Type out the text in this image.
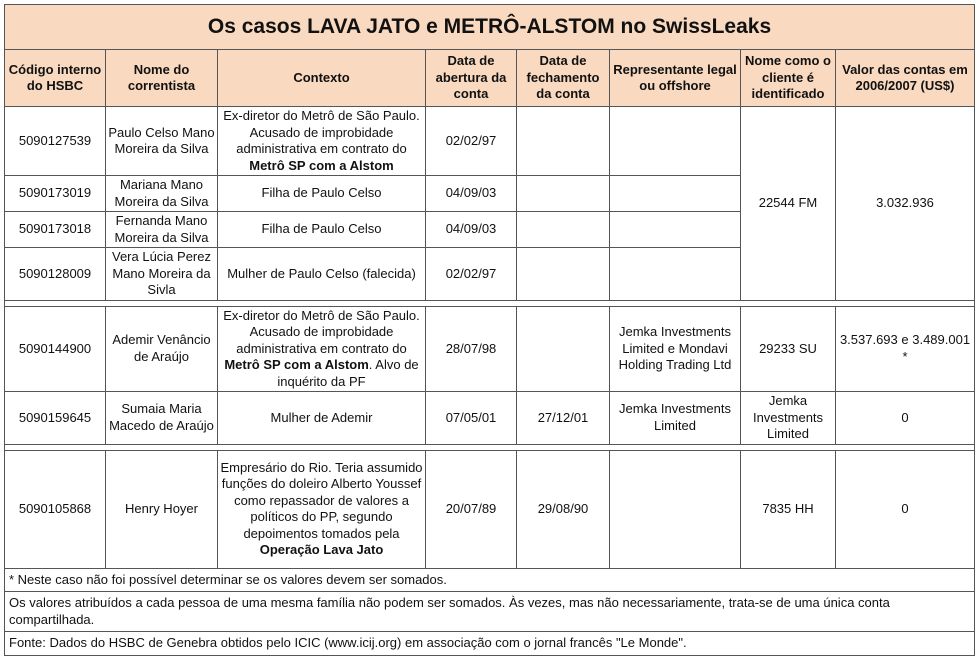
Os casos LAVA JATO e METRÔ-ALSTOM no SwissLeaks							
Código interno do HSBC	Nome do correntista	Contexto	Data de abertura da conta	Data de fechamento da conta	Representante legal ou offshore	Nome como o cliente é identificado	Valor das contas em 2006/2007 (US$)
5090127539	Paulo Celso Mano Moreira da Silva	Ex-diretor do Metrô de São Paulo. Acusado de improbidade administrativa em contrato do Metrô SP com a Alstom	02/02/97			22544 FM	3.032.936
5090173019	Mariana Mano Moreira da Silva	Filha de Paulo Celso	04/09/03				
5090173018	Fernanda Mano Moreira da Silva	Filha de Paulo Celso	04/09/03				
5090128009	Vera Lúcia Perez Mano Moreira da Sivla	Mulher de Paulo Celso (falecida)	02/02/97				

5090144900	Ademir Venâncio de Araújo	Ex-diretor do Metrô de São Paulo. Acusado de improbidade administrativa em contrato do Metrô SP com a Alstom. Alvo de inquérito da PF	28/07/98		Jemka Investments Limited e Mondavi Holding Trading Ltd	29233 SU	3.537.693 e 3.489.001 *
5090159645	Sumaia Maria Macedo de Araújo	Mulher de Ademir	07/05/01	27/12/01	Jemka Investments Limited	Jemka Investments Limited	0

5090105868	Henry Hoyer	Empresário do Rio. Teria assumido funções do doleiro Alberto Youssef como repassador de valores a políticos do PP, segundo depoimentos tomados pela Operação Lava Jato	20/07/89	29/08/90		7835 HH	0
* Neste caso não foi possível determinar se os valores devem ser somados.							
Os valores atribuídos a cada pessoa de uma mesma família não podem ser somados. Às vezes, mas não necessariamente, trata-se de uma única conta compartilhada.							
Fonte: Dados do HSBC de Genebra obtidos pelo ICIC (www.icij.org) em associação com o jornal francês "Le Monde".							
